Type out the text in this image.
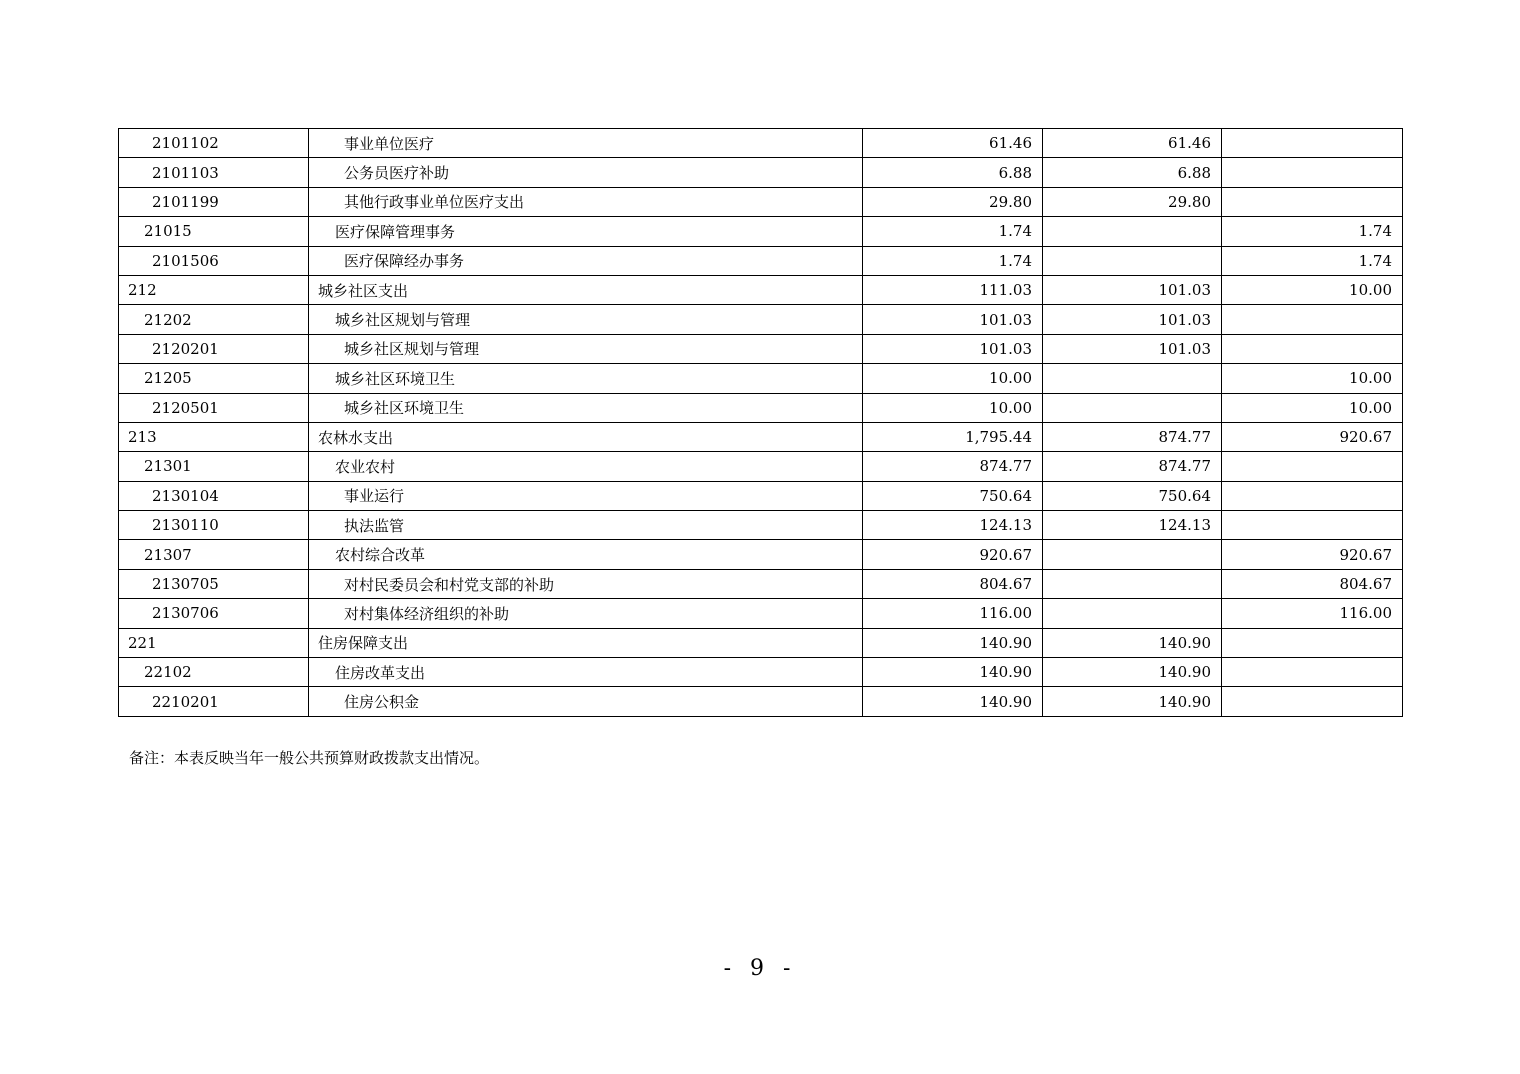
2101102	事业单位医疗	61.46	61.46	
2101103	公务员医疗补助	6.88	6.88	
2101199	其他行政事业单位医疗支出	29.80	29.80	
21015	医疗保障管理事务	1.74		1.74
2101506	医疗保障经办事务	1.74		1.74
212	城乡社区支出	111.03	101.03	10.00
21202	城乡社区规划与管理	101.03	101.03	
2120201	城乡社区规划与管理	101.03	101.03	
21205	城乡社区环境卫生	10.00		10.00
2120501	城乡社区环境卫生	10.00		10.00
213	农林水支出	1,795.44	874.77	920.67
21301	农业农村	874.77	874.77	
2130104	事业运行	750.64	750.64	
2130110	执法监管	124.13	124.13	
21307	农村综合改革	920.67		920.67
2130705	对村民委员会和村党支部的补助	804.67		804.67
2130706	对村集体经济组织的补助	116.00		116.00
221	住房保障支出	140.90	140.90	
22102	住房改革支出	140.90	140.90	
2210201	住房公积金	140.90	140.90	
备注：本表反映当年一般公共预算财政拨款支出情况。
- 9 -
